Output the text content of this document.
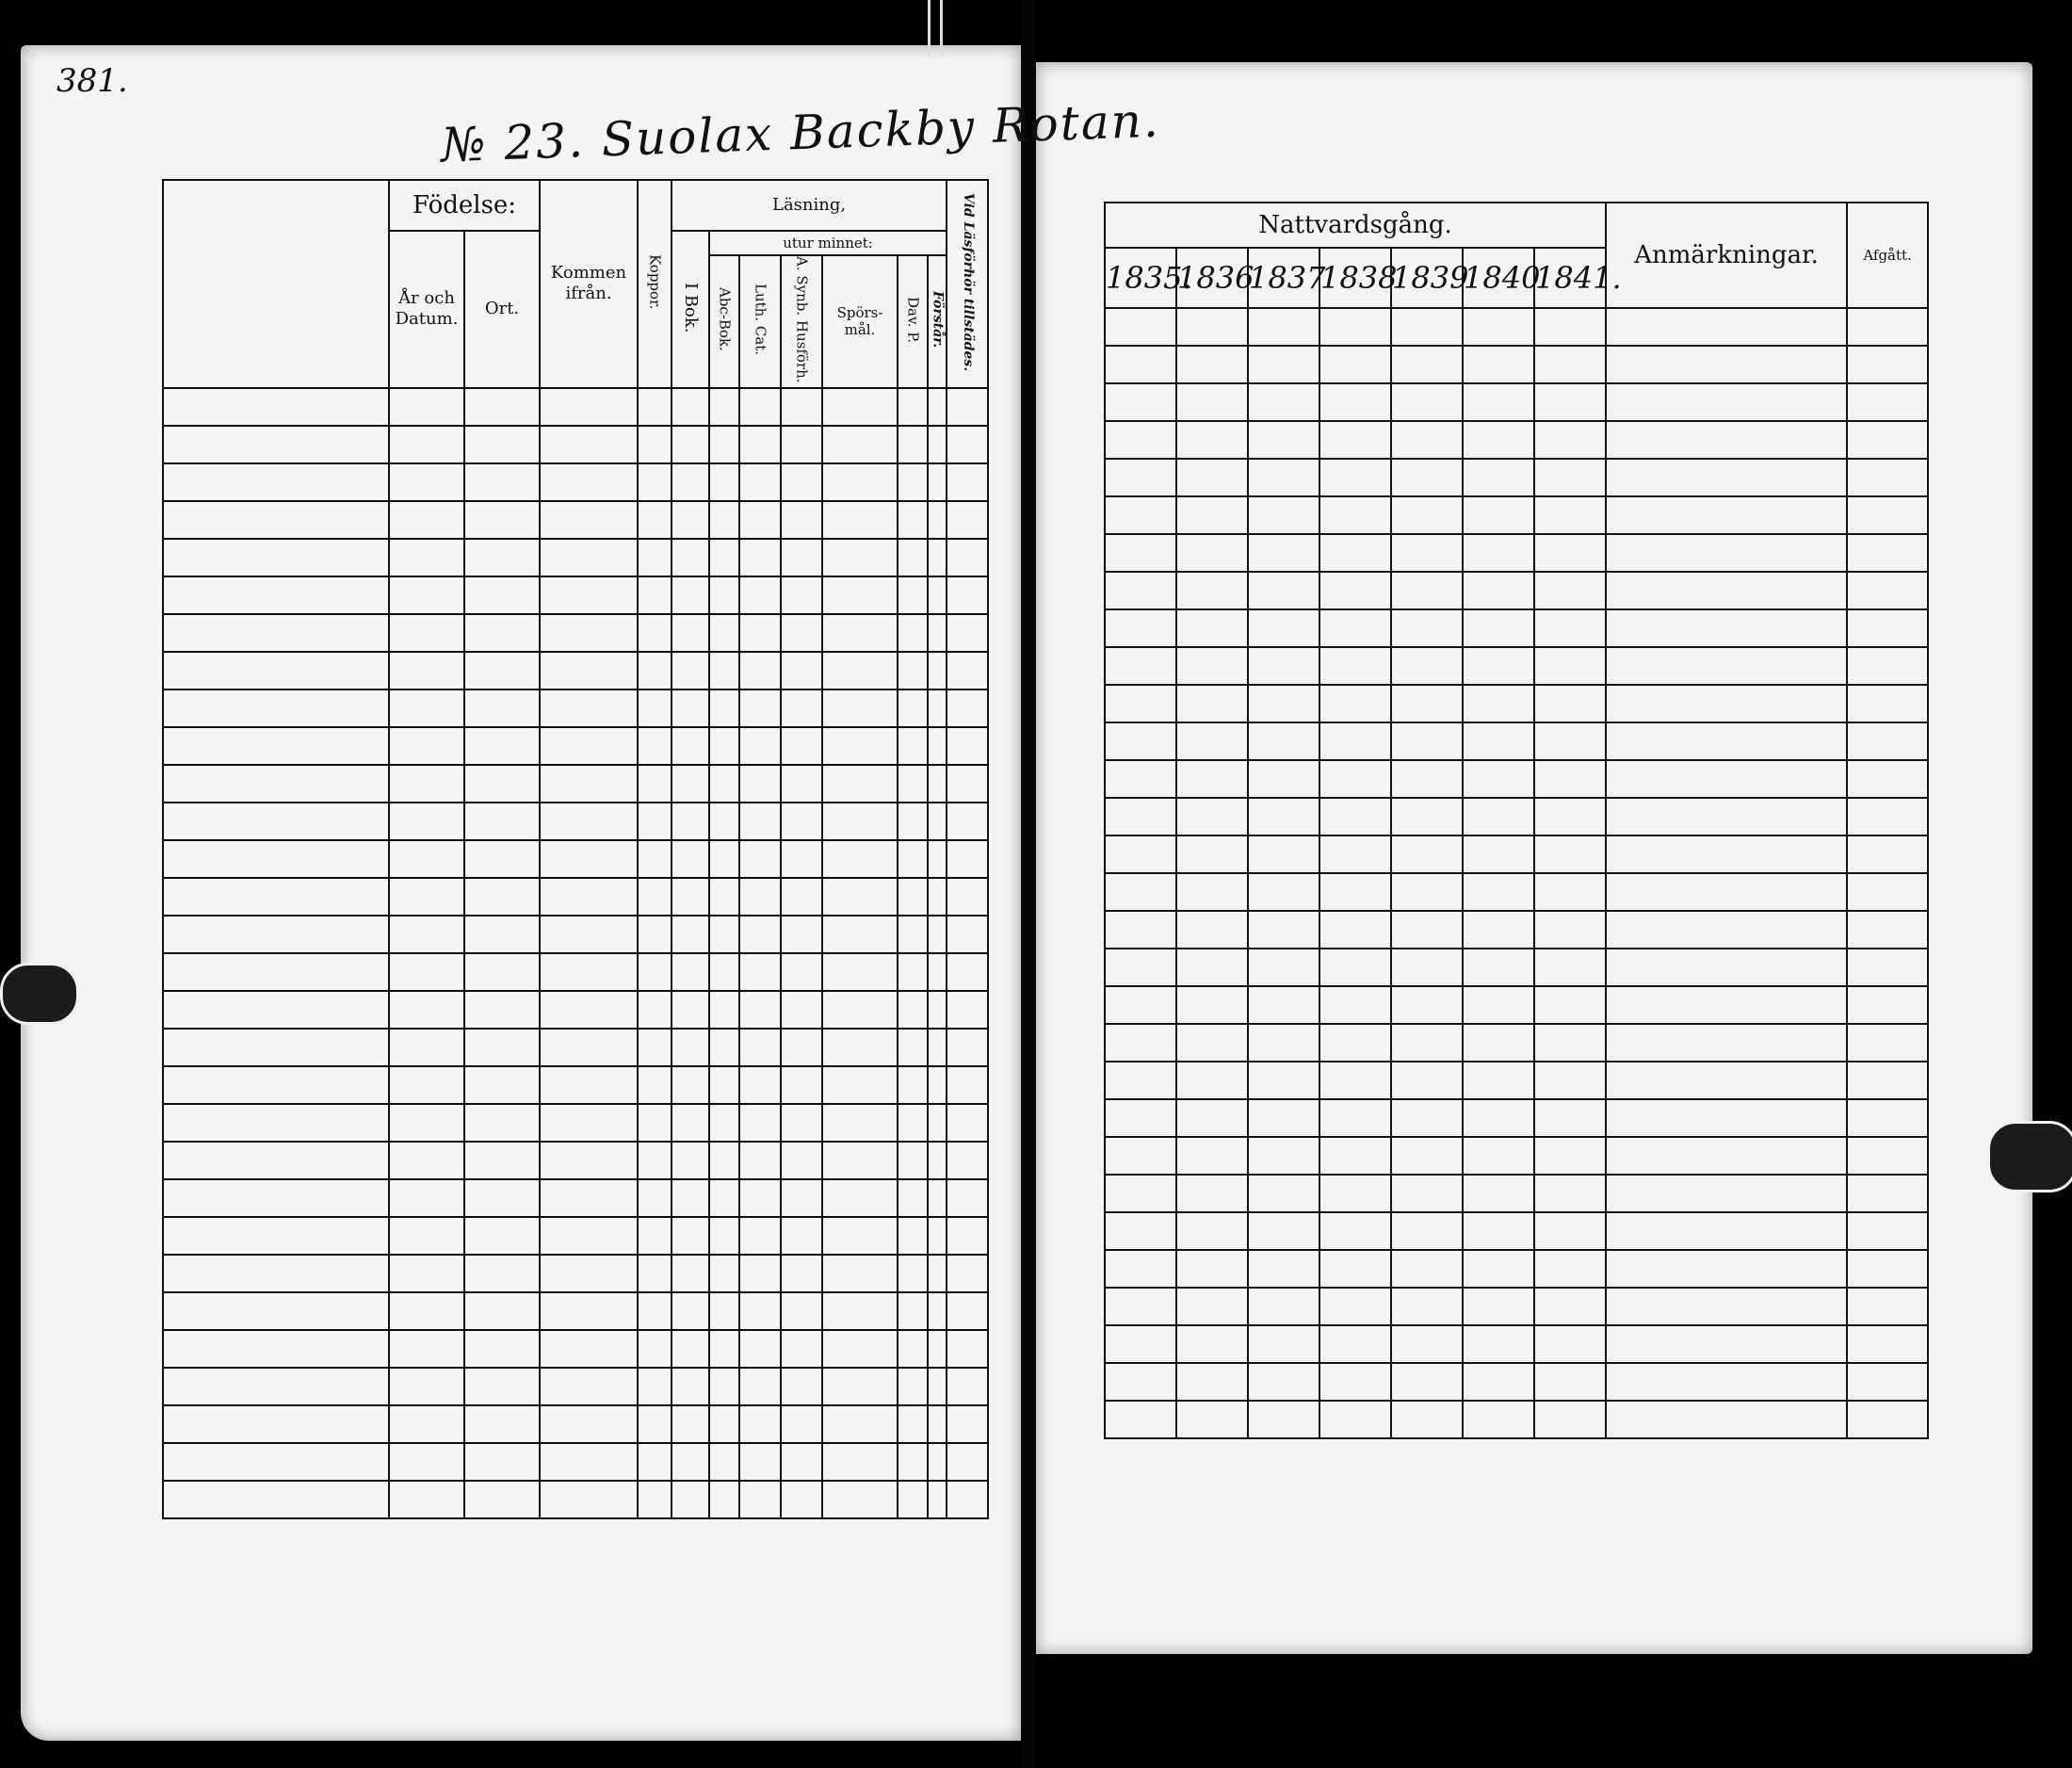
381.
№ 23. Suolax Backby Rotan.
	Födelse:		Kommen ifrån.	Koppor.	Läsning,							Vid Läsförhör tillstädes.
	År och Datum.	Ort.			I Bok.	utur minnet:						
						Abc-Bok.	Luth. Cat.	A. Synb. Husförh.	Spörs-mål.	Dav. P.	Förstår.	

Nattvardsgång.							Anmärkningar.	Afgått.
1835.	1836	1837	1838	1839	1840	1841.		
